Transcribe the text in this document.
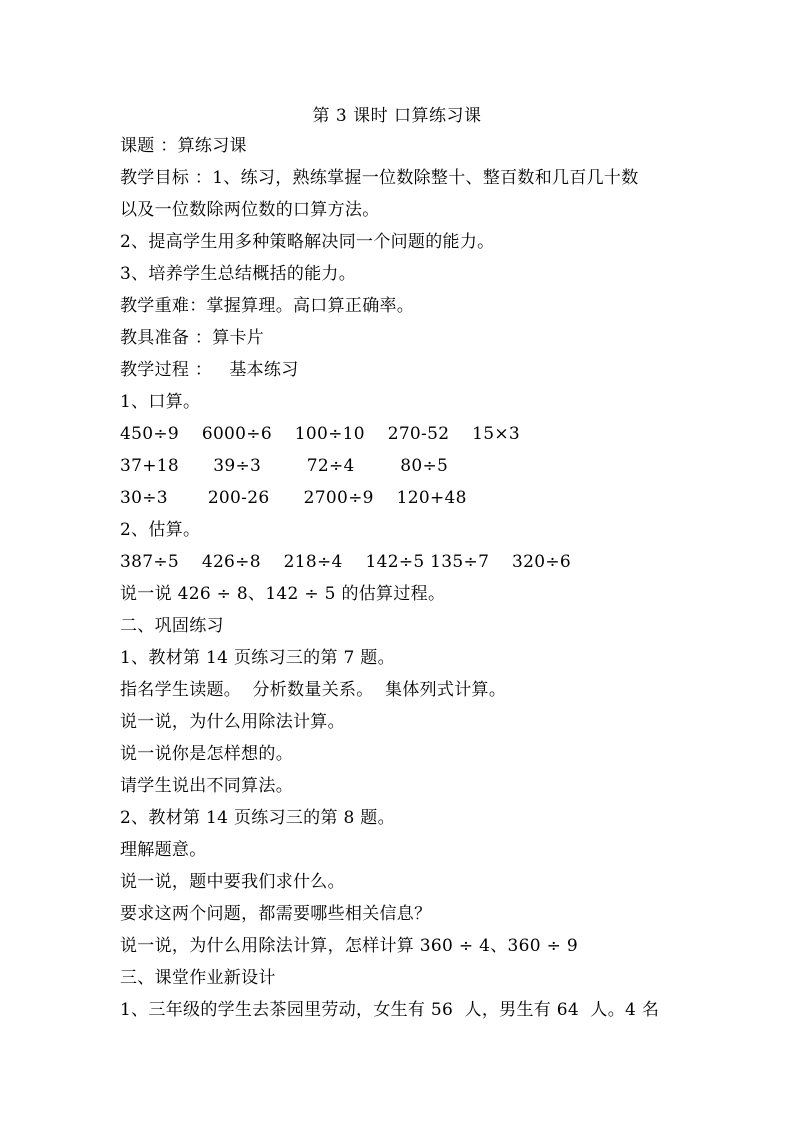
第 3 课时 口算练习课
课题 ：算练习课
教学目标 ：1、练习，熟练掌握一位数除整十、整百数和几百几十数
以及一位数除两位数的口算方法。
2、提高学生用多种策略解决同一个问题的能力。
3、培养学生总结概括的能力。
教学重难：掌握算理。高口算正确率。
教具准备 ：算卡片
教学过程 ：   基本练习
1、口算。
450÷9    6000÷6    100÷10    270-52    15×3
37+18      39÷3        72÷4        80÷5
30÷3       200-26      2700÷9    120+48
2、估算。
387÷5    426÷8    218÷4    142÷5 135÷7    320÷6
说一说 426 ÷ 8、142 ÷ 5 的估算过程。
二、巩固练习
1、教材第 14 页练习三的第 7 题。
指名学生读题。  分析数量关系。  集体列式计算。
说一说，为什么用除法计算。
说一说你是怎样想的。
请学生说出不同算法。
2、教材第 14 页练习三的第 8 题。
理解题意。
说一说，题中要我们求什么。
要求这两个问题，都需要哪些相关信息？
说一说，为什么用除法计算，怎样计算 360 ÷ 4、360 ÷ 9
三、课堂作业新设计
1、三年级的学生去茶园里劳动，女生有 56  人，男生有 64  人。4 名
